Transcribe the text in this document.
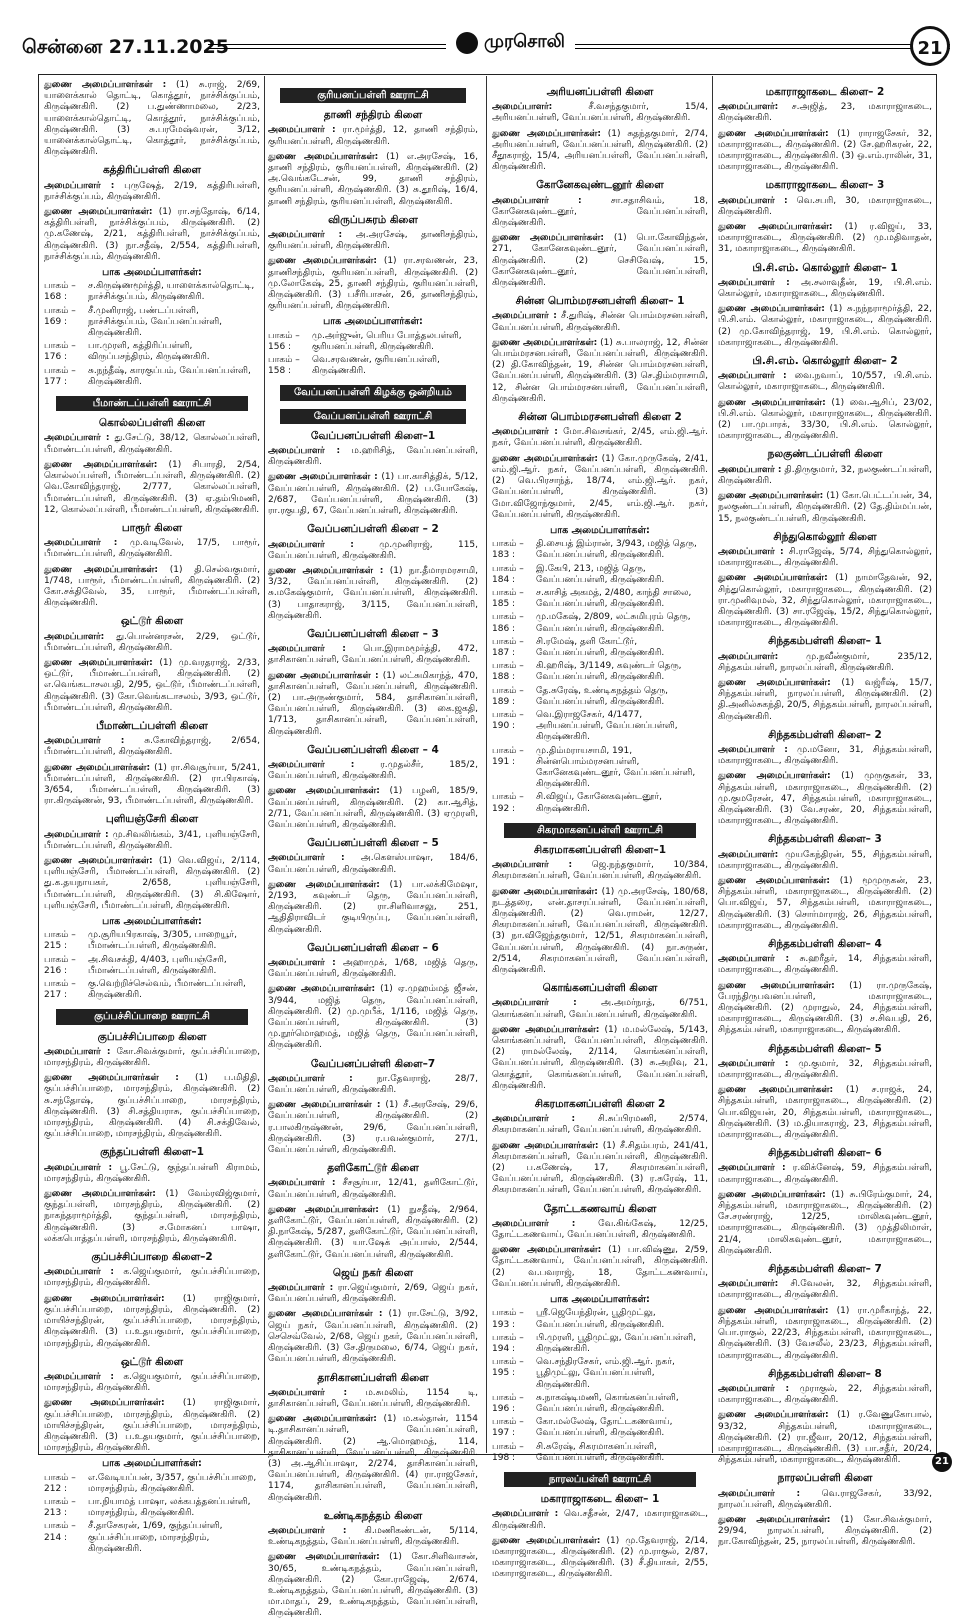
சென்னை 27.11.2025	முரசொலி	21
துணை அமைப்பாளர்கள் : (1) சு.ராஜ், 2/69, யாளைக்கால் தொட்டி, கொத்தூர், நாச்சிக்குப்பம், கிருஷ்ணகிரி. (2) ப.துண்ணாமலை, 2/23, யாளைக்கால்தொட்டி, கொத்தூர், நாச்சிக்குப்பம், கிருஷ்ணகிரி. (3) சு.பரமேஷ்வரன், 3/12, யானைக்கால்தொட்டி, கொத்தூர், நாச்சிக்குப்பம், கிருஷ்ணகிரி.
கத்திரிப்பள்ளி கிளை
அமைப்பாளர் : புருஷேத், 2/19, கத்திரிபள்ளி, நாச்சிக்குப்பம், கிருஷ்ணகிரி.
துணை அமைப்பாளர்கள்: (1) ரா.சந்தோஷ், 6/14, கத்திரிபள்ளி, நாச்சிக்குப்பம், கிருஷ்ணகிரி. (2) மு.கணேஷ், 2/21, கத்திரிபள்ளி, நாச்சிக்குப்பம், கிருஷ்ணகிரி. (3) நா.சதீஷ், 2/554, கத்திரிபள்ளி, நாச்சிக்குப்பம், கிருஷ்ணகிரி.
பாக அமைப்பாளர்கள்:
பாகம் – 168 :
ச.கிருஷ்ணமூர்த்தி, யாளைக்கால்தொட்டி, நாச்சிக்குப்பம், கிருஷ்ணகிரி.
பாகம் – 169 :
சீ.முனிராஜ், பண்டப்பள்ளி, நாச்சிக்குப்பம், வேப்பனப்பள்ளி, கிருஷ்ணகிரி.
பாகம் – 176 :
பா.முரளி, கத்திரிப்பள்ளி, விருப்பசந்திரம், கிருஷ்ணகிரி.
பாகம் – 177 :
சு.நந்தீஷ், காரகுப்பம், வேப்பனப்பள்ளி, கிருஷ்ணகிரி.
பீமாண்டப்பள்ளி ஊராட்சி
கொல்லப்பள்ளி கிளை
அமைப்பாளர் : து.சேட்டு, 38/12, கொல்லப்பள்ளி, பீமாண்டப்பள்ளி, கிருஷ்ணகிரி.
துணை அமைப்பாளர்கள்: (1) சிபாரதி, 2/54, கொல்லப்பள்ளி, பீமாண்டப்பள்ளி, கிருஷ்ணகிரி. (2) வெ.கோவிந்தராஜ், 2/777, கொல்லப்பள்ளி, பீமாண்டப்பள்ளி, கிருஷ்ணகிரி. (3) ஏ.தம்பிமணி, 12, கொல்லப்பள்ளி, பீமாண்டப்பள்ளி, கிருஷ்ணகிரி.
பாரூர் கிளை
அமைப்பாளர் : மு.வடிவேல், 17/5, பாரூர், பீமாண்டப்பள்ளி, கிருஷ்ணகிரி.
துணை அமைப்பாளர்கள்: (1) தி.செல்வகுமார், 1/748, பாரூர், பீமாண்டப்பள்ளி, கிருஷ்ணகிரி. (2) கோ.சக்திவேல், 35, பாரூர், பீமாண்டப்பள்ளி, கிருஷ்ணகிரி.
ஒட்டூர் கிளை
அமைப்பாளர்: து.பொன்னரசன், 2/29, ஒட்டூர், பீமாண்டப்பள்ளி, கிருஷ்ணகிரி.
துணை அமைப்பாளர்கள்: (1) மு.வரதராஜ், 2/33, ஒட்டூர், பீமாண்டப்பள்ளி, கிருஷ்ணகிரி. (2) எ.வெங்கடாசலபதி, 2/95, ஒட்டூர், பீமாண்டப்பள்ளி, கிருஷ்ணகிரி. (3) கோ.வெங்கடாசலம், 3/93, ஒட்டூர், பீமாண்டப்பள்ளி, கிருஷ்ணகிரி.
பீமாண்டப்பள்ளி கிளை
அமைப்பாளர் : சு.கோவிந்தராஜ், 2/654, பீமாண்டப்பள்ளி, கிருஷ்ணகிரி.
துணை அமைப்பாளர்கள்: (1) ரா.சிவசூர்யா, 5/241, பீமாண்டப்பள்ளி, கிருஷ்ணகிரி. (2) ரா.பிரகாஷ், 3/654, பீமாண்டப்பள்ளி, கிருஷ்ணகிரி. (3) ரா.கிருஷ்ணன், 93, பீமாண்டப்பள்ளி, கிருஷ்ணகிரி.
புளியஞ்சேரி கிளை
அமைப்பாளர் : மு.சிவலிங்கம், 3/41, புளியஞ்சேரி, பீமாண்டப்பள்ளி, கிருஷ்ணகிரி.
துணை அமைப்பாளர்கள்: (1) வெ.விஜய், 2/114, புளியஞ்சேரி, பீமாண்டப்பள்ளி, கிருஷ்ணகிரி. (2) து.க.தயநாயகர், 2/658, புளியஞ்சேரி, பீமாண்டப்பள்ளி, கிருஷ்ணகிரி. (3) சி.கிஷோர், புளியஞ்சேரி, பீமாண்டப்பள்ளி, கிருஷ்ணகிரி.
பாக அமைப்பாளர்கள்:
பாகம் – 215 :
மு.சூரியபிரகாஷ், 3/305, பாறையூர், பீமாண்டப்பள்ளி, கிருஷ்ணகிரி.
பாகம் – 216 :
அ.சிவசக்தி, 4/403, புளியஞ்சேரி, பீமாண்டப்பள்ளி, கிருஷ்ணகிரி.
பாகம் – 217 :
கு.வெற்றிச்செல்வம், பீமாண்டப்பள்ளி, கிருஷ்ணகிரி.
குப்பச்சிப்பாறை ஊராட்சி
குப்பச்சிப்பாறை கிளை
அமைப்பாளர் : கோ.சிவக்குமார், குப்பச்சிப்பாறை, மாரசந்திரம், கிருஷ்ணகிரி.
துணை அமைப்பாளர்கள் : (1) ப.மிதிதி, குப்பச்சிப்பாறை, மாரசந்திரம், கிருஷ்ணகிரி. (2) சு.சந்தோஷ், குப்பச்சிப்பாறை, மாரசந்திரம், கிருஷ்ணகிரி. (3) சி.சத்தியராசு, குப்பச்சிப்பாறை, மாரசந்திரம், கிருஷ்ணகிரி. (4) சி.சக்திவேல், குப்பச்சிப்பாறை, மாரசந்திரம், கிருஷ்ணகிரி.
குந்தப்பள்ளி கிளை–1
அமைப்பாளர் : பூ.சேட்டு, குந்தப்பள்ளி கிராமம், மாரசந்திரம், கிருஷ்ணகிரி.
துணை அமைப்பாளர்கள்: (1) வேம்ரவிஜ்குமார், குந்தப்பள்ளி, மாரசந்திரம், கிருஷ்ணகிரி. (2) நாகந்தராமூர்த்தி, குந்தப்பள்ளி, மாரசந்திரம், கிருஷ்ணகிரி. (3) ச.மோகனப் பாஷா, லக்கபொத்தப்பள்ளி, மாரசந்திரம், கிருஷ்ணகிரி.
குப்பச்சிப்பாறை கிளை–2
அமைப்பாளர் : க.ஜெய்குமார், குப்பச்சிப்பாறை, மாரசந்திரம், கிருஷ்ணகிரி.
துணை அமைப்பாளர்கள்: (1) ராஜிகுமார், குப்பச்சிப்பாறை, மாரசந்திரம், கிருஷ்ணகிரி. (2) மாயிச்சந்திரன், குப்பச்சிப்பாறை, மாரசந்திரம், கிருஷ்ணகிரி. (3) ப.உதயகுமார், குப்பச்சிப்பாறை, மாரசந்திரம், கிருஷ்ணகிரி.
ஒட்டூர் கிளை
அமைப்பாளர் : க.ஜெயகுமார், குப்பச்சிப்பாறை, மாரசந்திரம், கிருஷ்ணகிரி.
துணை அமைப்பாளர்கள்: (1) ராஜிகுமார், குப்பச்சிப்பாறை, மாரசந்திரம், கிருஷ்ணகிரி. (2) மாயிச்சந்திரன், குப்பச்சிப்பாறை, மாரசந்திரம், கிருஷ்ணகிரி. (3) ப.உதயகுமார், குப்பச்சிப்பாறை, மாரசந்திரம், கிருஷ்ணகிரி.
பாக அமைப்பாளர்கள்:
பாகம் – 212 :
எ.வேடியப்பன், 3/357, குப்பச்சிப்பாறை, மாரசந்திரம், கிருஷ்ணகிரி.
பாகம் – 213 :
பா.நியாமத் பாஷா, லக்கபத்தனப்பள்ளி, மாரசந்திரம், கிருஷ்ணகிரி.
பாகம் – 214 :
சீ.தாசேகரன், 1/69, குந்தப்பள்ளி, குப்பச்சிப்பாறை, மாரசந்திரம், கிருஷ்ணகிரி.
குரியனப்பள்ளி ஊராட்சி
தாணி சந்திரம் கிளை
அமைப்பாளர் : ரா.மூர்த்தி, 12, தாணி சந்திரம், குரியனப்பள்ளி, கிருஷ்ணகிரி.
துணை அமைப்பாளர்கள்: (1) எ.அரசேஷ், 16, தாணி சந்திரம், குரியனப்பள்ளி, கிருஷ்ணகிரி. (2) அ.வெங்கடேசன், 99, தாணி சந்திரம், குரியனப்பள்ளி, கிருஷ்ணகிரி. (3) சு.தூரிஷ், 16/4, தாணி சந்திரம், குரியனப்பள்ளி, கிருஷ்ணகிரி.
விருப்பசுரம் கிளை
அமைப்பாளர் : அ.அரசேஷ், தாணிசந்திரம், குரியனப்பள்ளி, கிருஷ்ணகிரி.
துணை அமைப்பாளர்கள்: (1) ரா.சரவணன், 23, தாணிசந்திரம், குரியனப்பள்ளி, கிருஷ்ணகிரி. (2) மு.லோகேஷ், 25, தாணி சந்திரம், குரியனப்பள்ளி, கிருஷ்ணகிரி. (3) பசீரிபாசன், 26, தாணிசந்திரம், குரியனப்பள்ளி, கிருஷ்ணகிரி.
பாக அமைப்பாளர்கள்:
பாகம் – 156 :
மு.அர்ஜுன், பெரிய போத்தலபள்ளி, குரியனப்பள்ளி, கிருஷ்ணகிரி.
பாகம் – 158 :
வெ.சரவணன், குரியனப்பள்ளி, கிருஷ்ணகிரி.
வேப்பனப்பள்ளி கிழக்கு ஒன்றியம்
வேப்பனப்பள்ளி ஊராட்சி
வேப்பனப்பள்ளி கிளை–1
அமைப்பாளர் : ம.ஹரிசித், வேப்பனப்பள்ளி, கிருஷ்ணகிரி.
துணை அமைப்பாளர்கள் : (1) பா.காசித்திக், 5/12, வேப்பனப்பள்ளி, கிருஷ்ணகிரி. (2) ப.யோகேஷ், 2/687, வேப்பனப்பள்ளி, கிருஷ்ணகிரி. (3) ரா.ரகுபதி, 67, வேப்பனப்பள்ளி, கிருஷ்ணகிரி.
வேப்பனப்பள்ளி கிளை – 2
அமைப்பாளர் : மு.முனிராஜ், 115, வேப்பனப்பள்ளி, கிருஷ்ணகிரி.
துணை அமைப்பாளர்கள் : (1) நா.தீமாரமரசாமி, 3/32, வேப்பனப்பள்ளி, கிருஷ்ணகிரி. (2) சு.மகேஷ்குமார், வேப்பனப்பள்ளி, கிருஷ்ணகிரி. (3) பாதாகராஜ், 3/115, வேப்பனப்பள்ளி, கிருஷ்ணகிரி.
வேப்பனப்பள்ளி கிளை – 3
அமைப்பாளர் : பொ.இராமமூர்த்தி, 472, தாசிகானப்பள்ளி, வேப்பனப்பள்ளி, கிருஷ்ணகிரி.
துணை அமைப்பாளர்கள் : (1) லட்சுமிகாந்த், 470, தாசிகானப்பள்ளி, வேப்பனப்பள்ளி, கிருஷ்ணகிரி. (2) பா.அருண்குமார், 584, தாசிகானப்பள்ளி, வேப்பனப்பள்ளி, கிருஷ்ணகிரி. (3) கை.ஜகதி, 1/713, தாசிகானப்பள்ளி, வேப்பனப்பள்ளி, கிருஷ்ணகிரி.
வேப்பனப்பள்ளி கிளை – 4
அமைப்பாளர் : ர.முதல்சீர், 185/2, வேப்பனப்பள்ளி, கிருஷ்ணகிரி.
துணை அமைப்பாளர்கள்: (1) பழனி, 185/9, வேப்பனப்பள்ளி, கிருஷ்ணகிரி. (2) கா.ஆசித், 2/71, வேப்பனப்பள்ளி, கிருஷ்ணகிரி. (3) ஏமுரளி, வேப்பனப்பள்ளி, கிருஷ்ணகிரி.
வேப்பனப்பள்ளி கிளை – 5
அமைப்பாளர் : அ.கௌஸ்பாஷா, 184/6, வேப்பனப்பள்ளி, கிருஷ்ணகிரி.
துணை அமைப்பாளர்கள்: (1) பா.லக்கிமேஷா, 2/193, கவுண்டர் தெரு, வேப்பனப்பள்ளி, கிருஷ்ணகிரி. (2) ரா.சிளிவாசலு, 251, ஆதிதிராவிடர் குடியிருப்பு, வேப்பனப்பள்ளி, கிருஷ்ணகிரி.
வேப்பனப்பள்ளி கிளை – 6
அமைப்பாளர் : அஹாமுக், 1/68, மஜித் தெரு, வேப்பனப்பள்ளி, கிருஷ்ணகிரி.
துணை அமைப்பாளர்கள்: (1) ஏ.முஹம்மத் ஜீசன், 3/944, மஜித் தெரு, வேப்பனப்பள்ளி, கிருஷ்ணகிரி. (2) மு.முபீக், 1/116, மஜித் தெரு, வேப்பனப்பள்ளி, கிருஷ்ணகிரி. (3) மு.நூர்மொஹமத், மஜித் தெரு, வேப்பனப்பள்ளி, கிருஷ்ணகிரி.
வேப்பனப்பள்ளி கிளை–7
அமைப்பாளர் : நா.தேவராஜ், 28/7, வேப்பனப்பள்ளி, கிருஷ்ணகிரி.
துணை அமைப்பாளர்கள் : (1) சீ.அரசேஷ், 29/6, வேப்பனப்பள்ளி, கிருஷ்ணகிரி. (2) ர.பாலகிருஷ்ணன், 29/6, வேப்பனப்பள்ளி, கிருஷ்ணகிரி. (3) ர.பவன்குமார், 27/1, வேப்பனப்பள்ளி, கிருஷ்ணகிரி.
தளிகோட்டூர் கிளை
அமைப்பாளர் : சீசசூர்யா, 12/41, தளிகோட்டூர், வேப்பனப்பள்ளி, கிருஷ்ணகிரி.
துணை அமைப்பாளர்கள்: (1) நுசதீஷ், 2/964, தளிகோட்டூர், வேப்பனப்பள்ளி, கிருஷ்ணகிரி. (2) தி.நாகேஷ், 5/287, தளிகோட்டூர், வேப்பனப்பள்ளி, கிருஷ்ணகிரி. (3) யா.ஷேக் அப்பாஸ், 2/544, தளிகோட்டூர், வேப்பனப்பள்ளி, கிருஷ்ணகிரி.
ஜெய் நகர் கிளை
அமைப்பாளர் : ரா.ஜெய்குமார், 2/69, ஜெய் நகர், வேப்பனப்பள்ளி, கிருஷ்ணகிரி.
துணை அமைப்பாளர்கள் : (1) ரா.சேட்டு, 3/92, ஜெய் நகர், வேப்பனப்பள்ளி, கிருஷ்ணகிரி. (2) செசெவ்வேல், 2/68, ஜெய் நகர், வேப்பனப்பள்ளி, கிருஷ்ணகிரி. (3) சே.திருமலை, 6/74, ஜெய் நகர், வேப்பனப்பள்ளி, கிருஷ்ணகிரி.
தாசிகானப்பள்ளி கிளை
அமைப்பாளர் : ம.சுமலிம், 1154 டி, தாசிகானப்பள்ளி, வேப்பனப்பள்ளி, கிருஷ்ணகிரி.
துணை அமைப்பாளர்கள்: (1) ம.கல்தான், 1154 டி.தாசிகானப்பள்ளி, வேப்பனப்பள்ளி, கிருஷ்ணகிரி. (2) ஆ.மொஹமத், 114, தாசிகானப்பள்ளி, வேப்பனப்பள்ளி, கிருஷ்ணகிரி. (3) அ.ஆசிப்பாஷா, 2/274, தாசிகானப்பள்ளி, வேப்பனப்பள்ளி, கிருஷ்ணகிரி. (4) ரா.ராஜசேகர், 1174, தாசிகானப்பள்ளி, வேப்பனப்பள்ளி, கிருஷ்ணகிரி.
உண்டிகநத்தம் கிளை
அமைப்பாளர் : கி.மணிகண்டன், 5/114, உண்டிகநத்தம், வேப்பனப்பள்ளி, கிருஷ்ணகிரி.
துணை அமைப்பாளர்கள்: (1) கோ.சிளிவாசன், 30/65, உண்டிகநத்தம், வேப்பனப்பள்ளி, கிருஷ்ணகிரி. (2) கோ.ராஜேஷ், 2/674, உண்டிகநத்தம், வேப்பனப்பள்ளி, கிருஷ்ணகிரி. (3) மா.மாதப், 29, உண்டிகநத்தம், வேப்பனப்பள்ளி, கிருஷ்ணகிரி.
அரியனப்பள்ளி கிளை
அமைப்பாளர்: சீ.வசந்தகுமார், 15/4, அரியனப்பள்ளி, வேப்பனப்பள்ளி, கிருஷ்ணகிரி.
துணை அமைப்பாளர்கள்: (1) சுதந்தகுமார், 2/74, அரியனப்பள்ளி, வேப்பனப்பள்ளி, கிருஷ்ணகிரி. (2) சீதூகராஜ், 15/4, அரியனப்பள்ளி, வேப்பனப்பள்ளி, கிருஷ்ணகிரி.
கோனேகவுண்டனூர் கிளை
அமைப்பாளர் : சா.சதாசிவம், 18, கோனேகவுண்டனூர், வேப்பனப்பள்ளி, கிருஷ்ணகிரி.
துணை அமைப்பாளர்கள்: (1) பொ.கோவிந்தன், 271, கோனேகவுண்டனூர், வேப்பனப்பள்ளி, கிருஷ்ணகிரி. (2) செசிவேஷ், 15, கோனேகவுண்டனூர், வேப்பனப்பள்ளி, கிருஷ்ணகிரி.
சின்ன பொம்மரசனபள்ளி கிளை– 1
அமைப்பாளர் : சீ.துரிஷ், சின்ன பொம்மரசனபள்ளி, வேப்பனப்பள்ளி, கிருஷ்ணகிரி.
துணை அமைப்பாளர்கள்: (1) சு.பாலராஜ், 12, சின்ன பொம்மரசனபள்ளி, வேப்பனப்பள்ளி, கிருஷ்ணகிரி. (2) தி.கோவிந்தன், 19, சின்ன பொம்மரசனபள்ளி, வேப்பனப்பள்ளி, கிருஷ்ணகிரி. (3) செ.திம்மராசாமி, 12, சின்ன பொம்மரசனபள்ளி, வேப்பனப்பள்ளி, கிருஷ்ணகிரி.
சின்ன பொம்மரசனபள்ளி கிளை 2
அமைப்பாளர் : மோ.சிவசங்கர், 2/45, எம்.ஜி.ஆர். நகர், வேப்பனப்பள்ளி, கிருஷ்ணகிரி.
துணை அமைப்பாளர்கள்: (1) கோ.முருகேஷ், 2/41, எம்.ஜி.ஆர். நகர், வேப்பனப்பள்ளி, கிருஷ்ணகிரி. (2) வெ.பிரசாந்த், 18/74, எம்.ஜி.ஆர். நகர், வேப்பனப்பள்ளி, கிருஷ்ணகிரி. (3) மோ.விஜோந்குமார், 2/45, எம்.ஜி.ஆர். நகர், வேப்பனப்பள்ளி, கிருஷ்ணகிரி.
பாக அமைப்பாளர்கள்:
பாகம் – 183 :
தி.சையத் இம்ரான், 3/943, மஜித் தெரு, வேப்பனப்பள்ளி, கிருஷ்ணகிரி.
பாகம் – 184 :
இ.கேபி, 213, மஜித் தெரு, வேப்பனப்பள்ளி, கிருஷ்ணகிரி.
பாகம் – 185 :
ச.காசித் அகமத், 2/480, காந்தி சாலை, வேப்பனப்பள்ளி, கிருஷ்ணகிரி.
பாகம் – 186 :
மு.மகேஷ், 2/809, லட்சுமிபுரம் தெரு, வேப்பனப்பள்ளி, கிருஷ்ணகிரி.
பாகம் – 187 :
சி.ரமேஷ், தளி கோட்டூர், வேப்பனப்பள்ளி, கிருஷ்ணகிரி.
பாகம் – 188 :
கி.ஹரிஷ், 3/1149, கவுண்டர் தெரு, வேப்பனப்பள்ளி, கிருஷ்ணகிரி.
பாகம் – 189 :
தே.சுரேஷ், உண்டிகநத்தம் தெரு, வேப்பனப்பள்ளி, கிருஷ்ணகிரி.
பாகம் – 190 :
வெ.இராஜசேகர், 4/1477, அரியனப்பள்ளி, வேப்பனப்பள்ளி, கிருஷ்ணகிரி.
பாகம் – 191 :
மு.திம்மராயசாமி, 191, சின்னபொம்மரசனபள்ளி, கோனேகவுண்டனூர், வேப்பனப்பள்ளி, கிருஷ்ணகிரி.
பாகம் – 192 :
சி.விஜய், கோனேகவுண்டனூர், கிருஷ்ணகிரி.
சிகரமாகனப்பள்ளி ஊராட்சி
சிகரமாகனப்பள்ளி கிளை–1
அமைப்பாளர் : ஜெ.நந்தகுமார், 10/384, சிகரமாகனப்பள்ளி, வேப்பனப்பள்ளி, கிருஷ்ணகிரி.
துணை அமைப்பாளர்கள்: (1) மு.அரசேஷ், 180/68, நடத்தரை, என்.தாசரப்பள்ளி, வேப்பனப்பள்ளி, கிருஷ்ணகிரி. (2) வெ.ராமன், 12/27, சிகரமாகனப்பள்ளி, வேப்பனப்பள்ளி, கிருஷ்ணகிரி. (3) நா.விஜேந்தகுமார், 12/51, சிகரமாகனப்பள்ளி, வேப்பனப்பள்ளி, கிருஷ்ணகிரி. (4) நா.சுருண், 2/514, சிகரமாகனப்பள்ளி, வேப்பனப்பள்ளி, கிருஷ்ணகிரி.
கொங்கனப்பள்ளி கிளை
அமைப்பாளர் : அ.அமர்நாத், 6/751, கொங்கனப்பள்ளி, வேப்பனப்பள்ளி, கிருஷ்ணகிரி.
துணை அமைப்பாளர்கள்: (1) ம.மல்லேஷ், 5/143, கொங்கனப்பள்ளி, வேப்பனப்பள்ளி, கிருஷ்ணகிரி. (2) ராமல்லேஷ், 2/114, கொங்கனப்பள்ளி, வேப்பனப்பள்ளி, கிருஷ்ணகிரி. (3) சு.அறிவு, 21, கொத்தூர், கொங்கனப்பள்ளி, வேப்பனப்பள்ளி, கிருஷ்ணகிரி.
சிகரமாகனப்பள்ளி கிளை 2
அமைப்பாளர் : சி.சுப்பிரமணி, 2/574, சிகரமாகனப்பள்ளி, வேப்பனப்பள்ளி, கிருஷ்ணகிரி.
துணை அமைப்பாளர்கள்: (1) சீ.சிதம்பரம், 241/41, சிகரமாகனப்பள்ளி, வேப்பனப்பள்ளி, கிருஷ்ணகிரி. (2) ப.கணேஷ், 17, சிகரமாகனப்பள்ளி, வேப்பனப்பள்ளி, கிருஷ்ணகிரி. (3) ர.சுரேஷ், 11, சிகரமாகனப்பள்ளி, வேப்பனப்பள்ளி, கிருஷ்ணகிரி.
தோட்டகணவாய் கிளை
அமைப்பாளர் : வே.கிங்கேஷ், 12/25, தோட்டகணவாய், வேப்பனப்பள்ளி, கிருஷ்ணகிரி.
துணை அமைப்பாளர்கள்: (1) பா.விஷ்ணு, 2/59, தோட்டகணவாய், வேப்பனப்பள்ளி, கிருஷ்ணகிரி. (2) வ.பவராஜ், 18, தோட்டகணவாய், வேப்பனப்பள்ளி, கிருஷ்ணகிரி.
பாக அமைப்பாளர்கள்:
பாகம் – 193 :
ஸ்ரீ.ஜெயேந்திரன், பூதிமுட்லு, வேப்பனப்பள்ளி, கிருஷ்ணகிரி.
பாகம் – 194 :
பி.முரளி, பூதிமுட்லு, வேப்பனப்பள்ளி, கிருஷ்ணகிரி.
பாகம் – 195 :
வெ.சந்திரசேகர், எம்.ஜி.ஆர். நகர், பூதிமுட்லு, வேப்பனப்பள்ளி, கிருஷ்ணகிரி.
பாகம் – 196 :
சு.நாகஷ்டிமணி, கொங்கனப்பள்ளி, வேப்பனப்பள்ளி, கிருஷ்ணகிரி.
பாகம் – 197 :
கோ.மல்லேஷ், தோட்டகணவாய், வேப்பனப்பள்ளி, கிருஷ்ணகிரி.
பாகம் – 198 :
சி.சுரேஷ், சிகரமாகனப்பள்ளி, வேப்பனப்பள்ளி, கிருஷ்ணகிரி.
நாரலப்பள்ளி ஊராட்சி
மகாராஜாகடை கிளை– 1
அமைப்பாளர் : வெ.சதீசன், 2/47, மகாராஜாகடை, கிருஷ்ணகிரி.
துணை அமைப்பாளர்கள்: (1) மு.தேவராஜ், 2/14, மகாராஜாகடை, கிருஷ்ணகிரி. (2) மு.ராகுல், 2/87, மகாராஜாகடை, கிருஷ்ணகிரி. (3) சீ.தியாகர், 2/55, மகாராஜாகடை, கிருஷ்ணகிரி.
மகாராஜாகடை கிளை– 2
அமைப்பாளர்: ச.அஜித், 23, மகாராஜாகடை, கிருஷ்ணகிரி.
துணை அமைப்பாளர்கள்: (1) ராராஜசேகர், 32, மகாராஜாகடை, கிருஷ்ணகிரி. (2) சே.ஹரிகரன், 22, மகாராஜாகடை, கிருஷ்ணகிரி. (3) ஒ.எம்.ராலின், 31, மகாராஜாகடை, கிருஷ்ணகிரி.
மகாராஜாகடை கிளை– 3
அமைப்பாளர் : வெ.சபரி, 30, மகாராஜாகடை, கிருஷ்ணகிரி.
துணை அமைப்பாளர்கள்: (1) ர.விஜய், 33, மகாராஜாகடை, கிருஷ்ணகிரி. (2) மு.மதிவாதன், 31, மகாராஜாகடை, கிருஷ்ணகிரி.
பி.சி.எம். கொல்லூர் கிளை– 1
அமைப்பாளர் : அ.சலாவுதீன், 19, பி.சி.எம். கொல்லூர், மகாராஜாகடை, கிருஷ்ணகிரி.
துணை அமைப்பாளர்கள்: (1) சு.நந்நராமூர்த்தி, 22, பி.சி.எம். கொல்லூர், மகாராஜாகடை, கிருஷ்ணகிரி. (2) மு.கோவிந்தராஜ், 19, பி.சி.எம். கொல்லூர், மகாராஜாகடை, கிருஷ்ணகிரி.
பி.சி.எம். கொல்லூர் கிளை– 2
அமைப்பாளர் : வை.நவாப், 10/557, பி.சி.எம். கொல்லூர், மகாராஜாகடை, கிருஷ்ணகிரி.
துணை அமைப்பாளர்கள்: (1) வை.ஆசிப், 23/02, பி.சி.எம். கொல்லூர், மகாராஜாகடை, கிருஷ்ணகிரி. (2) பா.முபாரக், 33/30, பி.சி.எம். கொல்லூர், மகாராஜாகடை, கிருஷ்ணகிரி.
நலகுண்டப்பள்ளி கிளை
அமைப்பாளர் : தி.திருகுமார், 32, நலகுண்டப்பள்ளி, கிருஷ்ணகிரி.
துணை அமைப்பாளர்கள்: (1) கோ.பெட்டப்பன், 34, நலகுண்டப்பள்ளி, கிருஷ்ணகிரி. (2) தே.திம்மப்பன், 15, நலகுண்டப்பள்ளி, கிருஷ்ணகிரி.
சிந்துகொல்லூர் கிளை
அமைப்பாளர் : சி.ராஜேஷ், 5/74, சிந்துகொல்லூர், மகாராஜாகடை, கிருஷ்ணகிரி.
துணை அமைப்பாளர்கள்: (1) நாமாதேவன், 92, சிந்துகொல்லூர், மகாராஜாகடை, கிருஷ்ணகிரி. (2) ரா.முனிவுமல், 32, சிந்துகொல்லூர், மகாராஜாகடை, கிருஷ்ணகிரி. (3) சா.ரஜேஷ், 15/2, சிந்துகொல்லூர், மகாராஜாகடை, கிருஷ்ணகிரி.
சிந்தகம்பள்ளி கிளை– 1
அமைப்பாளர்: மு.நவீன்குமார், 235/12, சிந்தகம்பள்ளி, நாரலப்பள்ளி, கிருஷ்ணகிரி.
துணை அமைப்பாளர்கள்: (1) வஜ்ரீஷ், 15/7, சிந்தகம்பள்ளி, நாரலப்பள்ளி, கிருஷ்ணகிரி. (2) தி.அனில்சுகந்தி, 20/5, சிந்தகம்பள்ளி, நாரலப்பள்ளி, கிருஷ்ணகிரி.
சிந்தகம்பள்ளி கிளை– 2
அமைப்பாளர் : மு.மனோ, 31, சிந்தகம்பள்ளி, மகாராஜாகடை, கிருஷ்ணகிரி.
துணை அமைப்பாளர்கள்: (1) முருகுகள், 33, சிந்தகம்பள்ளி, மகாராஜாகடை, கிருஷ்ணகிரி. (2) மு.குமரேசன், 47, சிந்தகம்பள்ளி, மகாராஜாகடை, கிருஷ்ணகிரி. (3) வே.சரண், 20, சிந்தகம்பள்ளி, மகாராஜாகடை, கிருஷ்ணகிரி.
சிந்தகம்பள்ளி கிளை– 3
அமைப்பாளர்: முயகேந்திரன், 55, சிந்தகம்பள்ளி, மகாராஜாகடை, கிருஷ்ணகிரி.
துணை அமைப்பாளர்கள்: (1) மூமுருகன், 23, சிந்தகம்பள்ளி, மகாராஜாகடை, கிருஷ்ணகிரி. (2) பொ.விஜய், 57, சிந்தகம்பள்ளி, மகாராஜாகடை, கிருஷ்ணகிரி. (3) சொர்மாராஜ், 26, சிந்தகம்பள்ளி, மகாராஜாகடை, கிருஷ்ணகிரி.
சிந்தகம்பள்ளி கிளை– 4
அமைப்பாளர் : சு.ஹரீதர், 14, சிந்தகம்பள்ளி, மகாராஜாகடை, கிருஷ்ணகிரி.
துணை அமைப்பாளர்கள்: (1) ரா.முருகேஷ், பேரந்திருபவனப்பள்ளி, மகாராஜாகடை, கிருஷ்ணகிரி. (2) முராதுல், 24, சிந்தகம்பள்ளி, மகாராஜாகடை, கிருஷ்ணகிரி. (3) ச.சிவபதி, 26, சிந்தகம்பள்ளி, மகாராஜாகடை, கிருஷ்ணகிரி.
சிந்தகம்பள்ளி கிளை– 5
அமைப்பாளர் : மு.குமார், 32, சிந்தகம்பள்ளி, மகாராஜாகடை, கிருஷ்ணகிரி.
துணை அமைப்பாளர்கள்: (1) ச.ராஜக், 24, சிந்தகம்பள்ளி, மகாராஜாகடை, கிருஷ்ணகிரி. (2) பொ.விஜயன், 20, சிந்தகம்பள்ளி, மகாராஜாகடை, கிருஷ்ணகிரி. (3) ம.தியாகராஜ், 23, சிந்தகம்பள்ளி, மகாராஜாகடை, கிருஷ்ணகிரி.
சிந்தகம்பள்ளி கிளை– 6
அமைப்பாளர் : ர.விக்னேஷ், 59, சிந்தகம்பள்ளி, மகாராஜாகடை, கிருஷ்ணகிரி.
துணை அமைப்பாளர்கள்: (1) சு.பிரேம்குமார், 24, சிந்தகம்பள்ளி, மகாராஜாகடை, கிருஷ்ணகிரி. (2) சே.சரண்ராஜ், 12/25, மாலிகவுண்டனூர், மகாராஜாகடை, கிருஷ்ணகிரி. (3) முத்திலிமாள், 21/4, மாலிகவுண்டனூர், மகாராஜாகடை, கிருஷ்ணகிரி.
சிந்தகம்பள்ளி கிளை– 7
அமைப்பாளர்: சி.வேலன், 32, சிந்தகம்பள்ளி, மகாராஜாகடை, கிருஷ்ணகிரி.
துணை அமைப்பாளர்கள்: (1) ரா.முரீகாந்த், 22, சிந்தகம்பள்ளி, மகாராஜாகடை, கிருஷ்ணகிரி. (2) பொ.ராகுல், 22/23, சிந்தகம்பள்ளி, மகாராஜாகடை, கிருஷ்ணகிரி. (3) வேசலீல், 23/23, சிந்தகம்பள்ளி, மகாராஜாகடை, கிருஷ்ணகிரி.
சிந்தகம்பள்ளி கிளை– 8
அமைப்பாளர் : முராகுல், 22, சிந்தகம்பள்ளி, மகாராஜாகடை, கிருஷ்ணகிரி.
துணை அமைப்பாளர்கள்: (1) ர.வேணுகோபால், 93/32, சிந்தகம்பள்ளி, மகாராஜாகடை, கிருஷ்ணகிரி. (2) ரா.ஜீவா, 20/12, சிந்தகம்பள்ளி, மகாராஜாகடை, கிருஷ்ணகிரி. (3) பா.சதீர், 20/24, சிந்தகம்பள்ளி, மகாராஜாகடை, கிருஷ்ணகிரி.
நாரலப்பள்ளி கிளை
அமைப்பாளர் : வெ.ராஜசேகர், 33/92, நாரலப்பள்ளி, கிருஷ்ணகிரி.
துணை அமைப்பாளர்கள்: (1) கோ.சிவக்குமார், 29/94, நாரலப்பள்ளி, கிருஷ்ணகிரி. (2) நா.கோவிந்தன், 25, நாரலப்பள்ளி, கிருஷ்ணகிரி.
21
